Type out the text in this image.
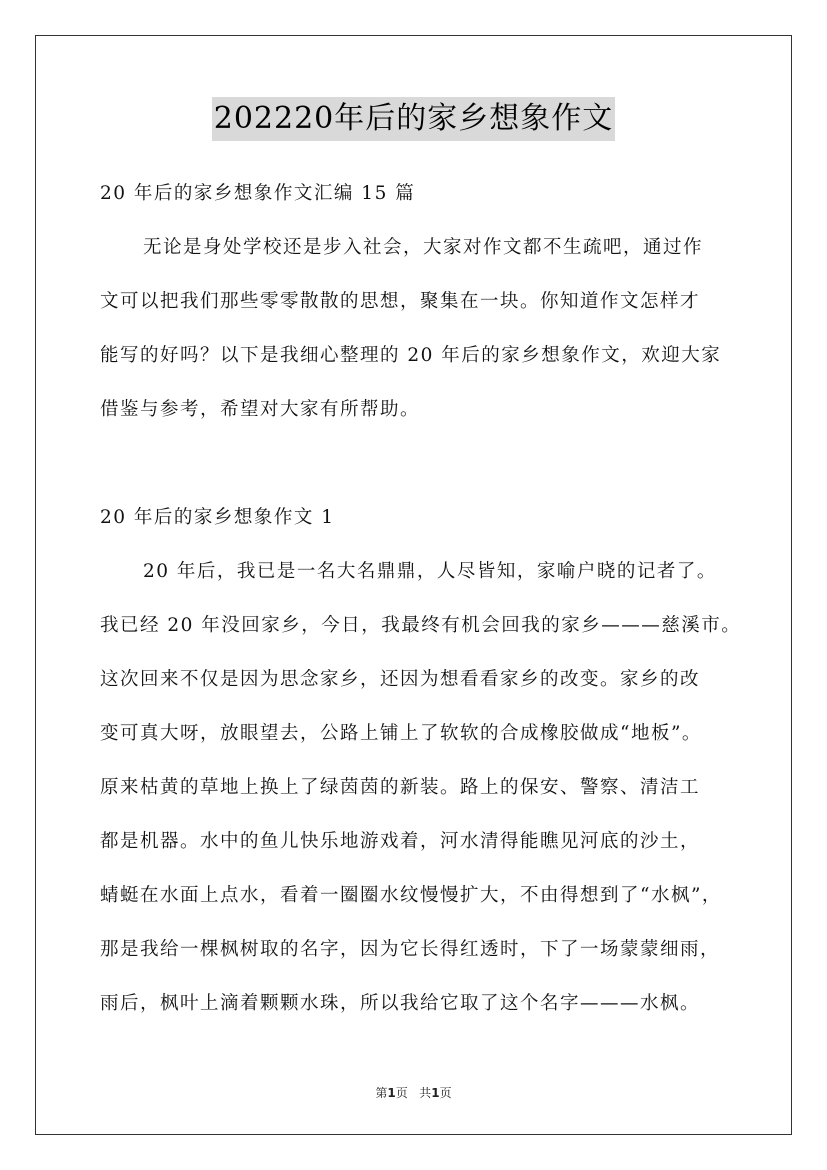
202220年后的家乡想象作文
20 年后的家乡想象作文汇编 15 篇
无论是身处学校还是步入社会，大家对作文都不生疏吧，通过作
文可以把我们那些零零散散的思想，聚集在一块。你知道作文怎样才
能写的好吗？以下是我细心整理的 20 年后的家乡想象作文，欢迎大家
借鉴与参考，希望对大家有所帮助。
20 年后的家乡想象作文 1
20 年后，我已是一名大名鼎鼎，人尽皆知，家喻户晓的记者了。
我已经 20 年没回家乡，今日，我最终有机会回我的家乡———慈溪市。
这次回来不仅是因为思念家乡，还因为想看看家乡的改变。家乡的改
变可真大呀，放眼望去，公路上铺上了软软的合成橡胶做成“地板”。
原来枯黄的草地上换上了绿茵茵的新装。路上的保安、警察、清洁工
都是机器。水中的鱼儿快乐地游戏着，河水清得能瞧见河底的沙土，
蜻蜓在水面上点水，看着一圈圈水纹慢慢扩大，不由得想到了“水枫”，
那是我给一棵枫树取的名字，因为它长得红透时，下了一场蒙蒙细雨，
雨后，枫叶上滴着颗颗水珠，所以我给它取了这个名字———水枫。
第1页 共1页
